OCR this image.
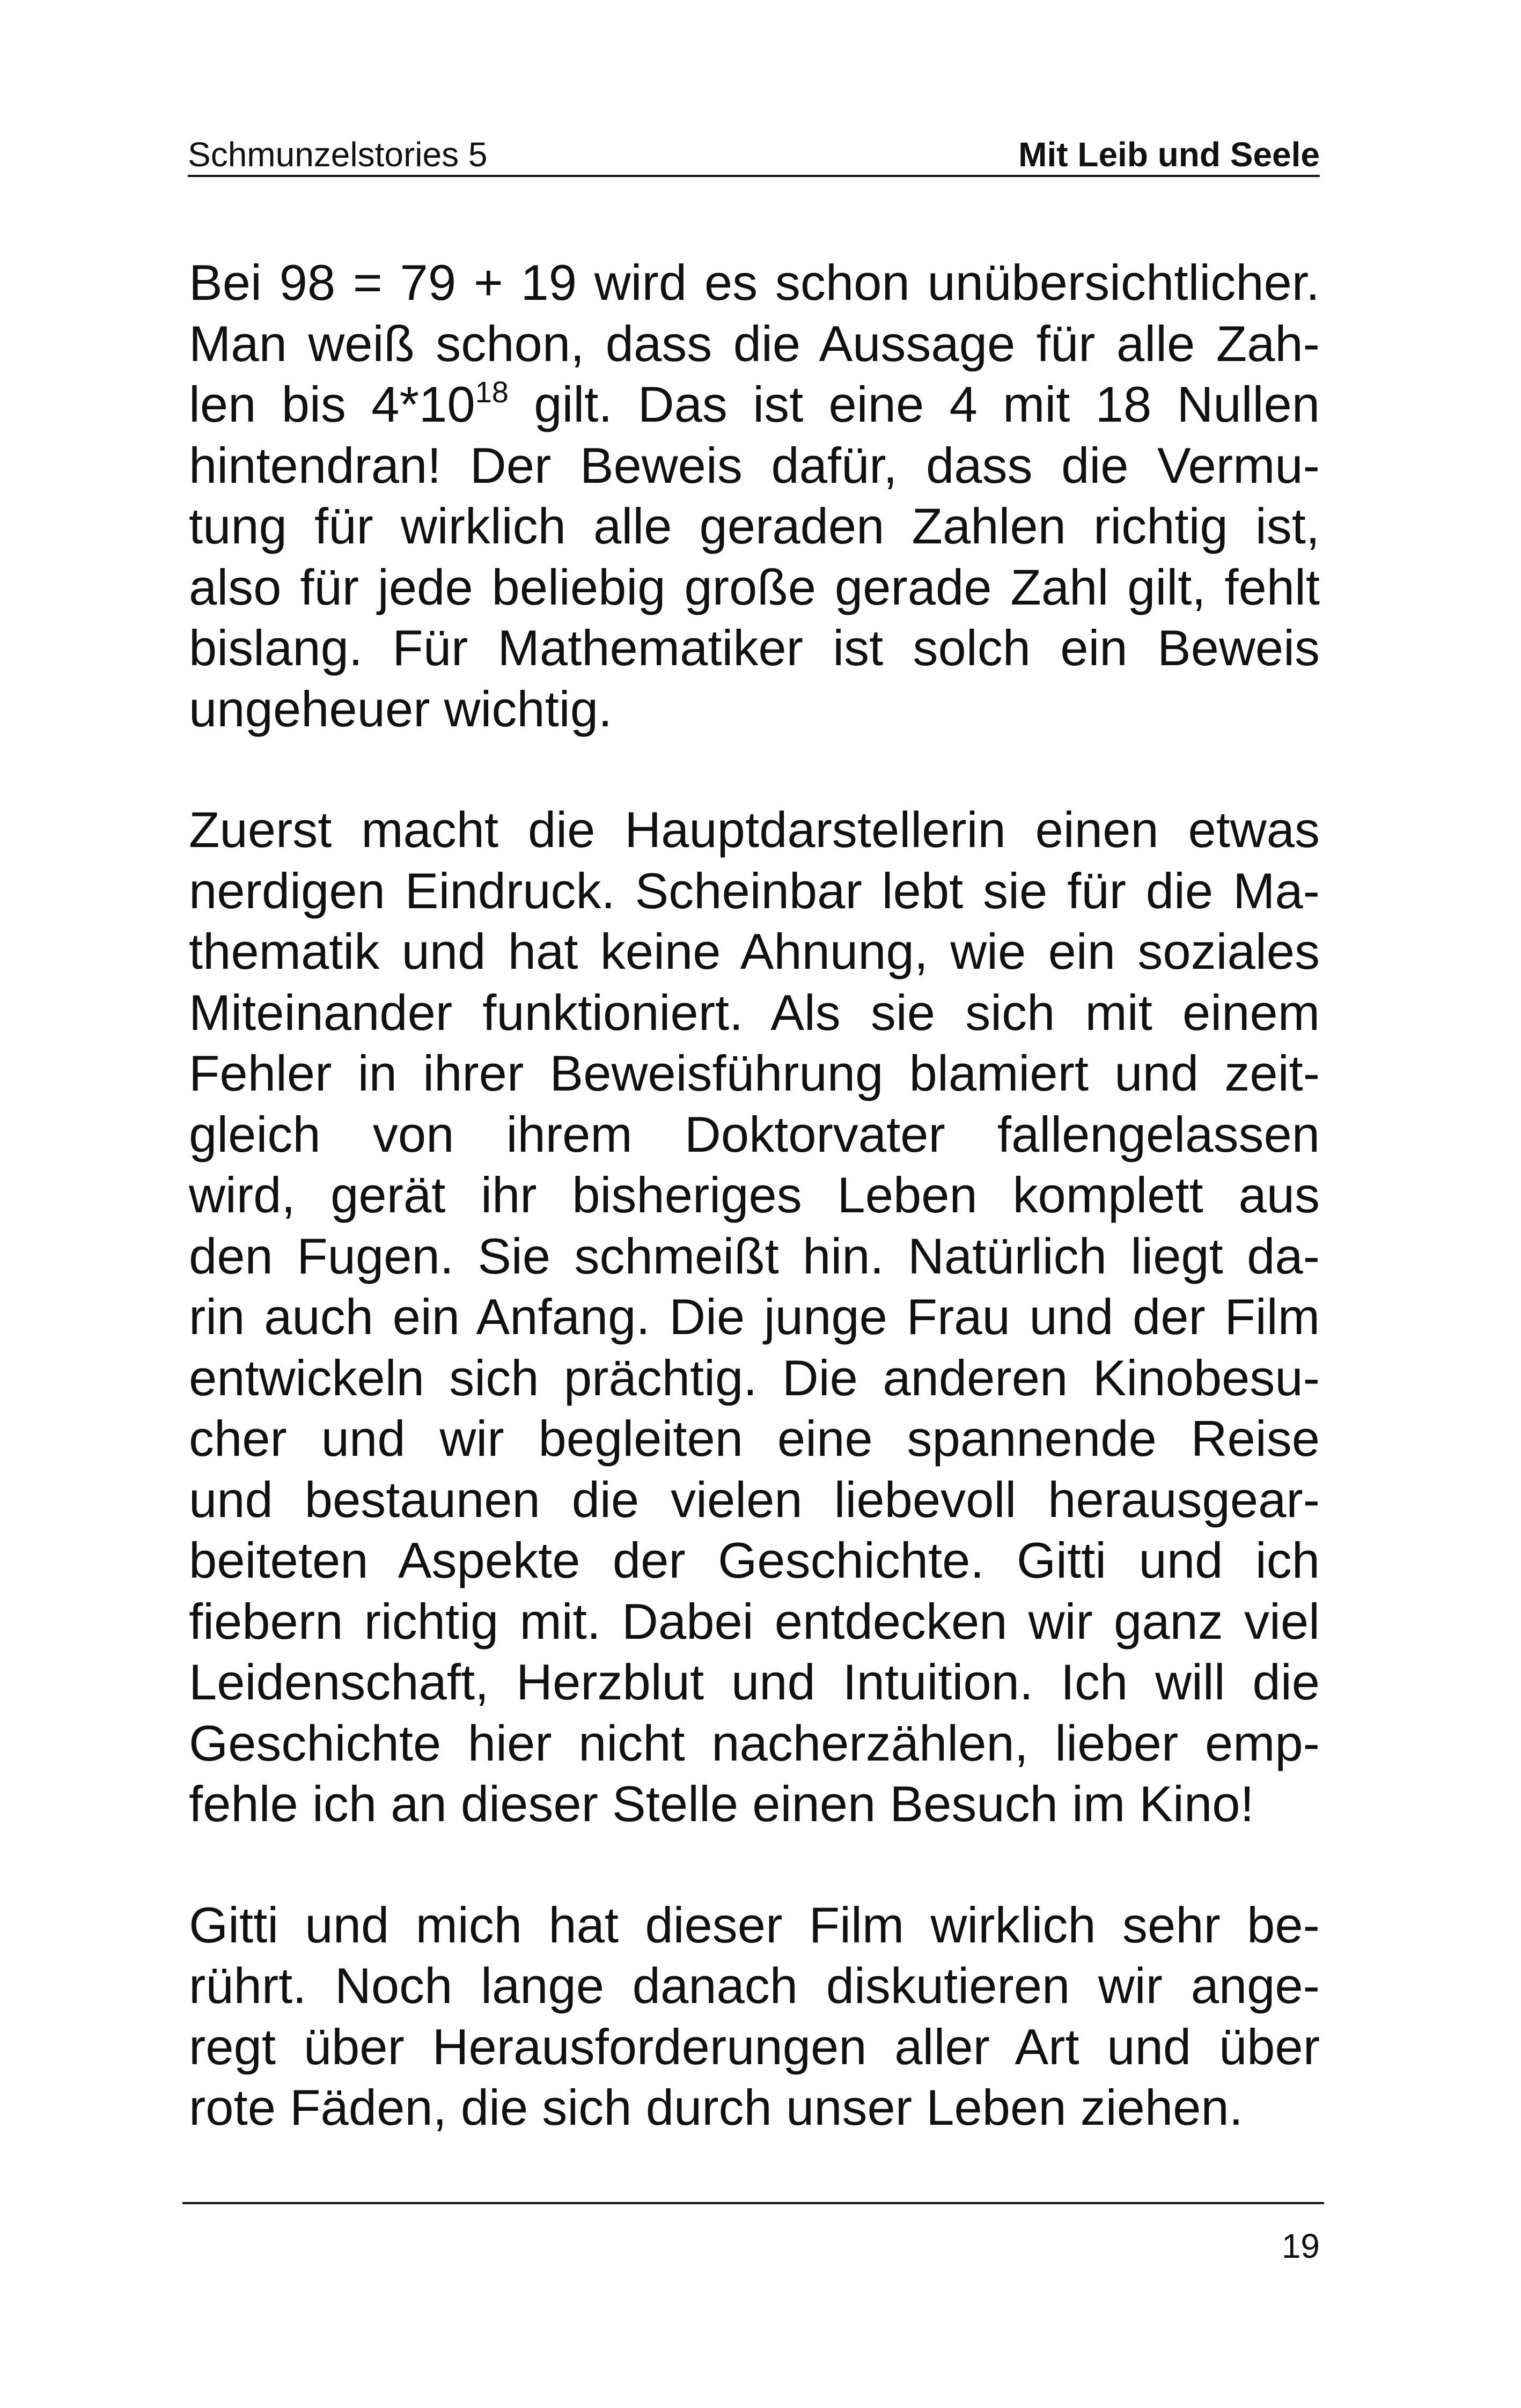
Schmunzelstories 5	Mit Leib und Seele

Bei 98 = 79 + 19 wird es schon unübersichtlicher.
Man weiß schon, dass die Aussage für alle Zah-
len bis $4*10^{18}$ gilt. Das ist eine 4 mit 18 Nullen
hintendran! Der Beweis dafür, dass die Vermu-
tung für wirklich alle geraden Zahlen richtig ist,
also für jede beliebig große gerade Zahl gilt, fehlt
bislang. Für Mathematiker ist solch ein Beweis
ungeheuer wichtig.

Zuerst macht die Hauptdarstellerin einen etwas
nerdigen Eindruck. Scheinbar lebt sie für die Ma-
thematik und hat keine Ahnung, wie ein soziales
Miteinander funktioniert. Als sie sich mit einem
Fehler in ihrer Beweisführung blamiert und zeit-
gleich von ihrem Doktorvater fallengelassen
wird, gerät ihr bisheriges Leben komplett aus
den Fugen. Sie schmeißt hin. Natürlich liegt da-
rin auch ein Anfang. Die junge Frau und der Film
entwickeln sich prächtig. Die anderen Kinobesu-
cher und wir begleiten eine spannende Reise
und bestaunen die vielen liebevoll herausgear-
beiteten Aspekte der Geschichte. Gitti und ich
fiebern richtig mit. Dabei entdecken wir ganz viel
Leidenschaft, Herzblut und Intuition. Ich will die
Geschichte hier nicht nacherzählen, lieber emp-
fehle ich an dieser Stelle einen Besuch im Kino!

Gitti und mich hat dieser Film wirklich sehr be-
rührt. Noch lange danach diskutieren wir ange-
regt über Herausforderungen aller Art und über
rote Fäden, die sich durch unser Leben ziehen.

19
